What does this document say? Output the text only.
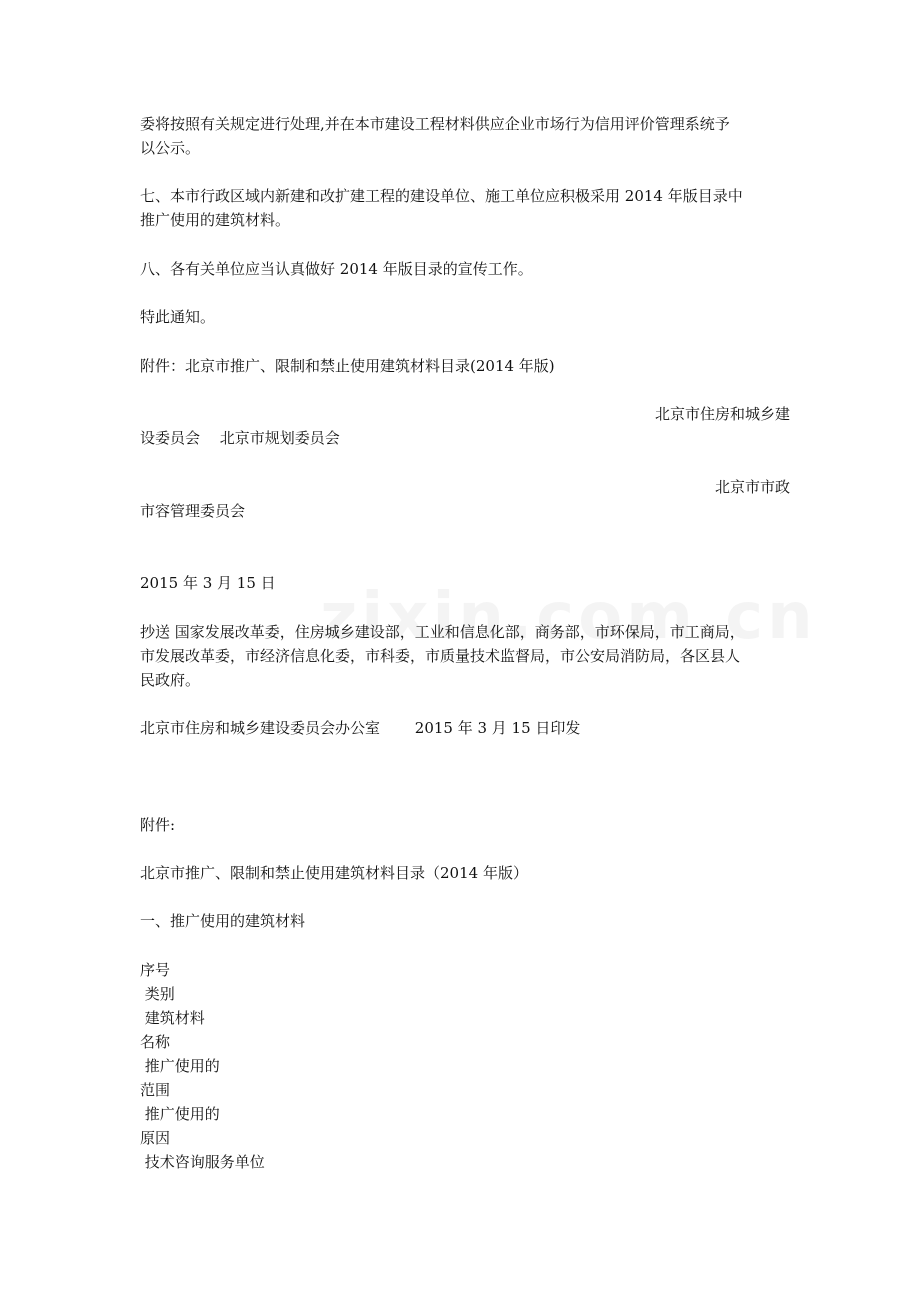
委将按照有关规定进行处理,并在本市建设工程材料供应企业市场行为信用评价管理系统予

以公示。

七、本市行政区域内新建和改扩建工程的建设单位、施工单位应积极采用 2014 年版目录中

推广使用的建筑材料。

八、各有关单位应当认真做好 2014 年版目录的宣传工作。

特此通知。

附件：北京市推广、限制和禁止使用建筑材料目录(2014 年版)

北京市住房和城乡建

设委员会　 北京市规划委员会

北京市市政

市容管理委员会

2015 年 3 月 15 日

抄送 国家发展改革委，住房城乡建设部，工业和信息化部，商务部，市环保局，市工商局，

市发展改革委，市经济信息化委，市科委，市质量技术监督局，市公安局消防局，各区县人

民政府。

北京市住房和城乡建设委员会办公室　　 2015 年 3 月 15 日印发

附件:

北京市推广、限制和禁止使用建筑材料目录（2014 年版）

一、推广使用的建筑材料

序号

类别

建筑材料

名称

推广使用的

范围

推广使用的

原因

技术咨询服务单位
